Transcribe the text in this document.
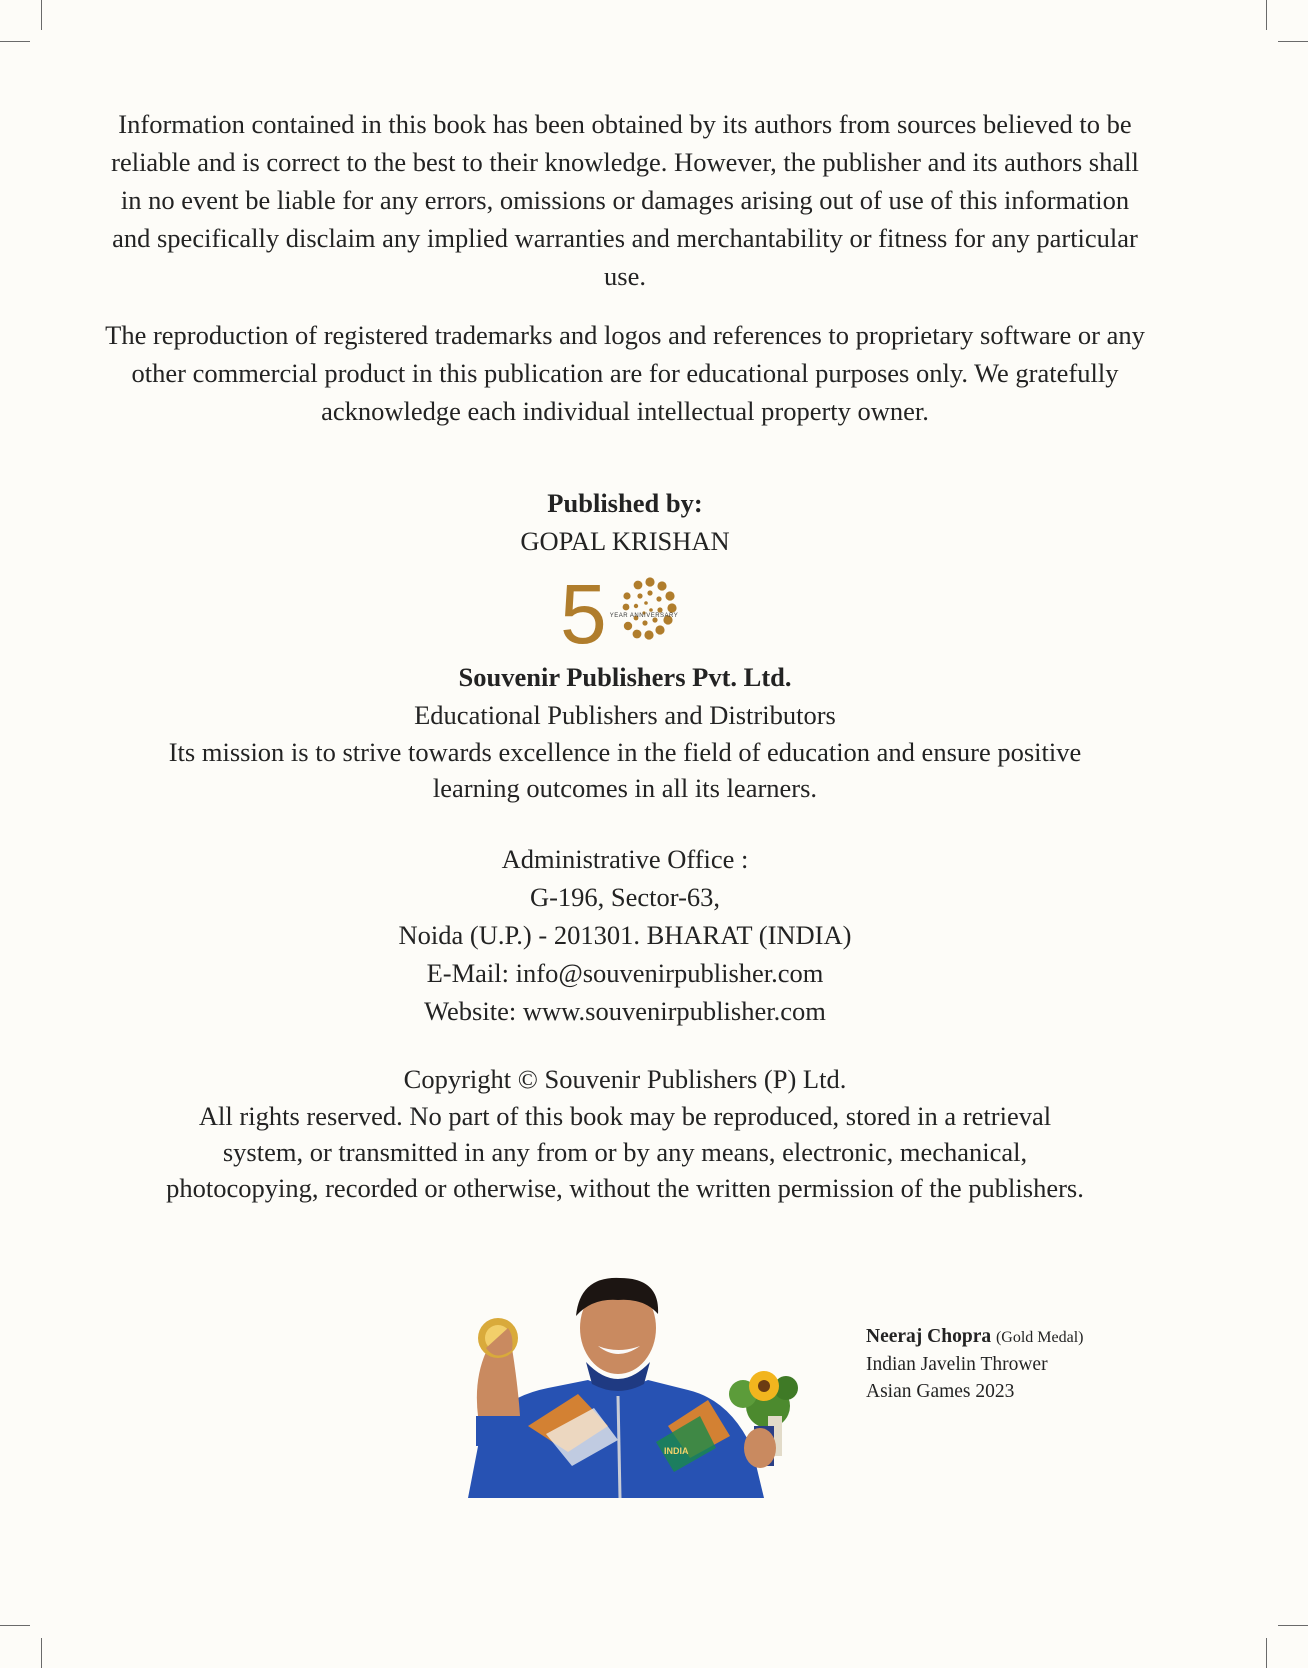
Information contained in this book has been obtained by its authors from sources believed to be reliable and is correct to the best to their knowledge. However, the publisher and its authors shall in no event be liable for any errors, omissions or damages arising out of use of this information and specifically disclaim any implied warranties and merchantability or fitness for any particular use.

The reproduction of registered trademarks and logos and references to proprietary software or any other commercial product in this publication are for educational purposes only. We gratefully acknowledge each individual intellectual property owner.

Published by:
GOPAL KRISHAN
5 YEAR ANNIVERSARY
Souvenir Publishers Pvt. Ltd.
Educational Publishers and Distributors

Its mission is to strive towards excellence in the field of education and ensure positive learning outcomes in all its learners.

Administrative Office :
G-196, Sector-63,
Noida (U.P.) - 201301. BHARAT (INDIA)
E-Mail: info@souvenirpublisher.com
Website: www.souvenirpublisher.com
Copyright © Souvenir Publishers (P) Ltd.

All rights reserved. No part of this book may be reproduced, stored in a retrieval system, or transmitted in any from or by any means, electronic, mechanical, photocopying, recorded or otherwise, without the written permission of the publishers.

INDIA
Neeraj Chopra (Gold Medal)
Indian Javelin Thrower
Asian Games 2023
